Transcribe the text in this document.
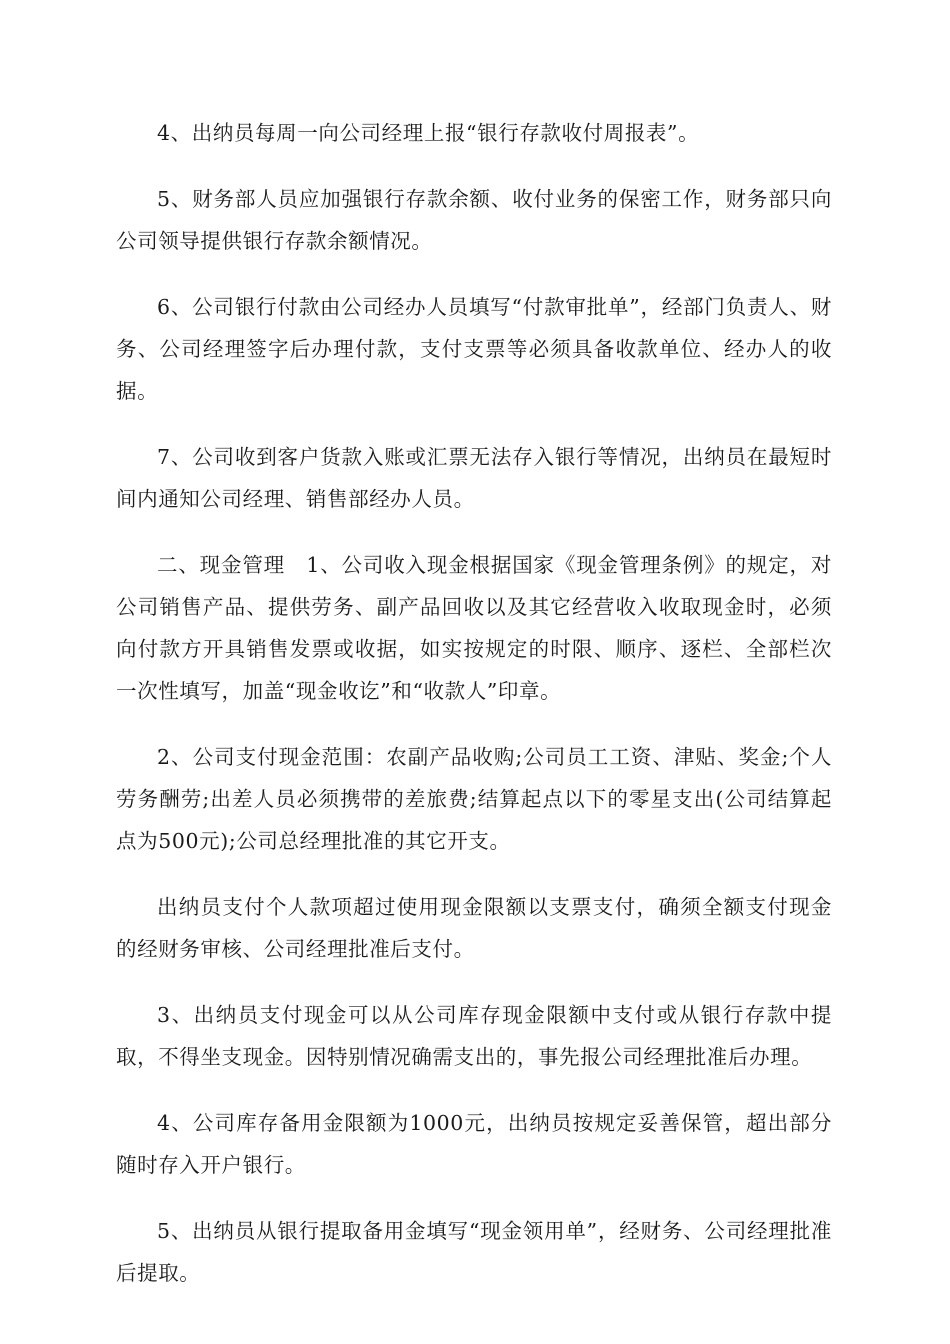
4、出纳员每周一向公司经理上报“银行存款收付周报表”。

5、财务部人员应加强银行存款余额、收付业务的保密工作，财务部只向公司领导提供银行存款余额情况。

6、公司银行付款由公司经办人员填写“付款审批单”，经部门负责人、财务、公司经理签字后办理付款，支付支票等必须具备收款单位、经办人的收据。

7、公司收到客户货款入账或汇票无法存入银行等情况，出纳员在最短时间内通知公司经理、销售部经办人员。

二、现金管理　1、公司收入现金根据国家《现金管理条例》的规定，对公司销售产品、提供劳务、副产品回收以及其它经营收入收取现金时，必须向付款方开具销售发票或收据，如实按规定的时限、顺序、逐栏、全部栏次一次性填写，加盖“现金收讫”和“收款人”印章。

2、公司支付现金范围：农副产品收购;公司员工工资、津贴、奖金;个人劳务酬劳;出差人员必须携带的差旅费;结算起点以下的零星支出(公司结算起点为500元);公司总经理批准的其它开支。

出纳员支付个人款项超过使用现金限额以支票支付，确须全额支付现金的经财务审核、公司经理批准后支付。

3、出纳员支付现金可以从公司库存现金限额中支付或从银行存款中提取，不得坐支现金。因特别情况确需支出的，事先报公司经理批准后办理。

4、公司库存备用金限额为1000元，出纳员按规定妥善保管，超出部分随时存入开户银行。

5、出纳员从银行提取备用金填写“现金领用单”，经财务、公司经理批准后提取。
